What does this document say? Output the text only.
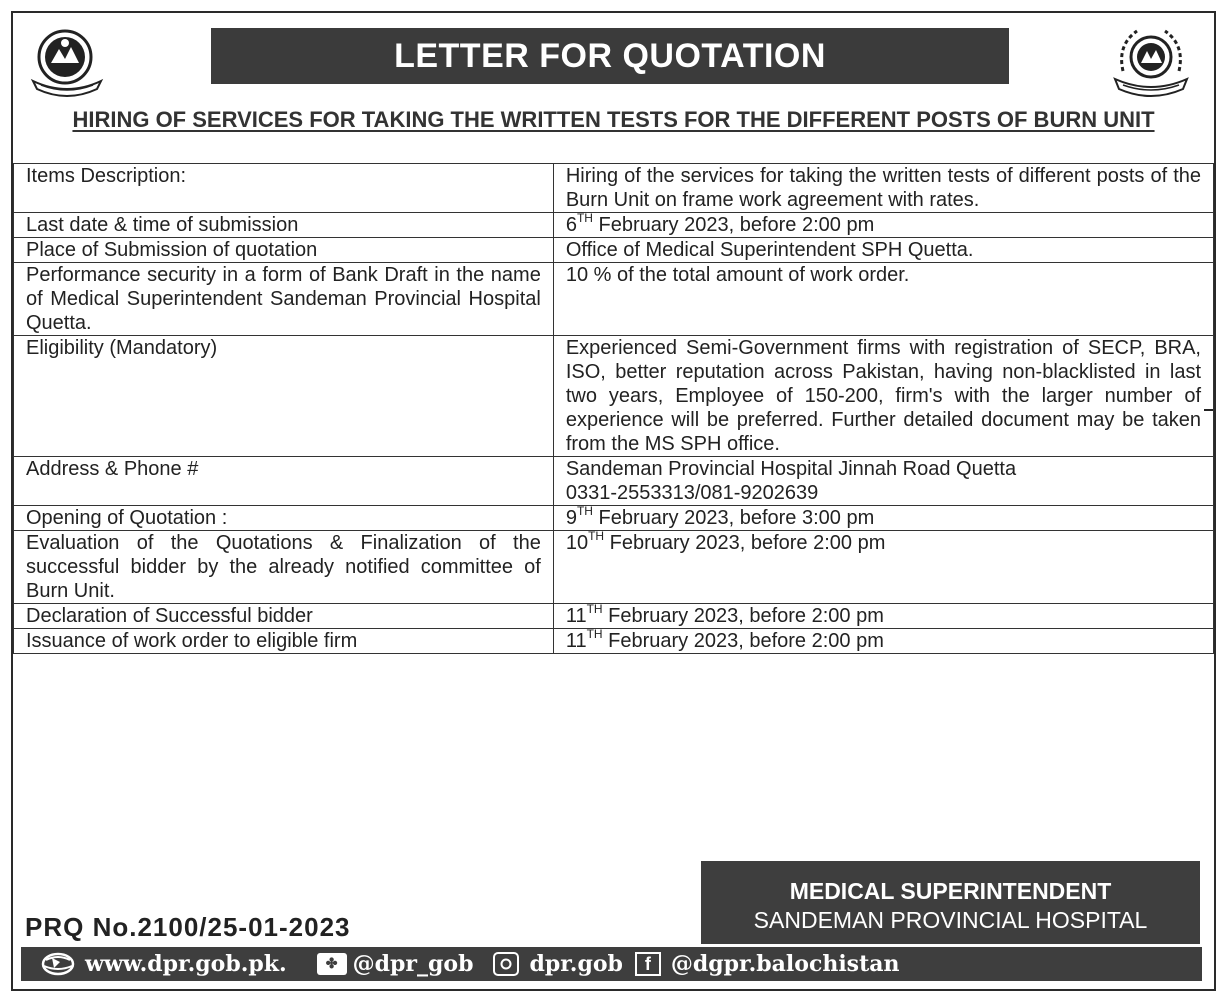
LETTER FOR QUOTATION
HIRING OF SERVICES FOR TAKING THE WRITTEN TESTS FOR THE DIFFERENT POSTS OF BURN UNIT
Items Description:	Hiring of the services for taking the written tests of different posts of the Burn Unit on frame work agreement with rates.
Last date & time of submission	6TH February 2023, before 2:00 pm
Place of Submission of quotation	Office of Medical Superintendent SPH Quetta.
Performance security in a form of Bank Draft in the name of Medical Superintendent Sandeman Provincial Hospital Quetta.	10 % of the total amount of work order.
Eligibility (Mandatory)	Experienced Semi-Government firms with registration of SECP, BRA, ISO, better reputation across Pakistan, having non-blacklisted in last two years, Employee of 150-200, firm's with the larger number of experience will be preferred. Further detailed document may be taken from the MS SPH office.
Address & Phone #	Sandeman Provincial Hospital Jinnah Road Quetta
0331-2553313/081-9202639

Opening of Quotation :	9TH February 2023, before 3:00 pm
Evaluation of the Quotations & Finalization of the successful bidder by the already notified committee of Burn Unit.	10TH February 2023, before 2:00 pm
Declaration of Successful bidder	11TH February 2023, before 2:00 pm
Issuance of work order to eligible firm	11TH February 2023, before 2:00 pm
PRQ No.2100/25-01-2023
MEDICAL SUPERINTENDENT
SANDEMAN PROVINCIAL HOSPITAL
www.dpr.gob.pk.	✤ @dpr_gob	dpr.gob	f @dgpr.balochistan
